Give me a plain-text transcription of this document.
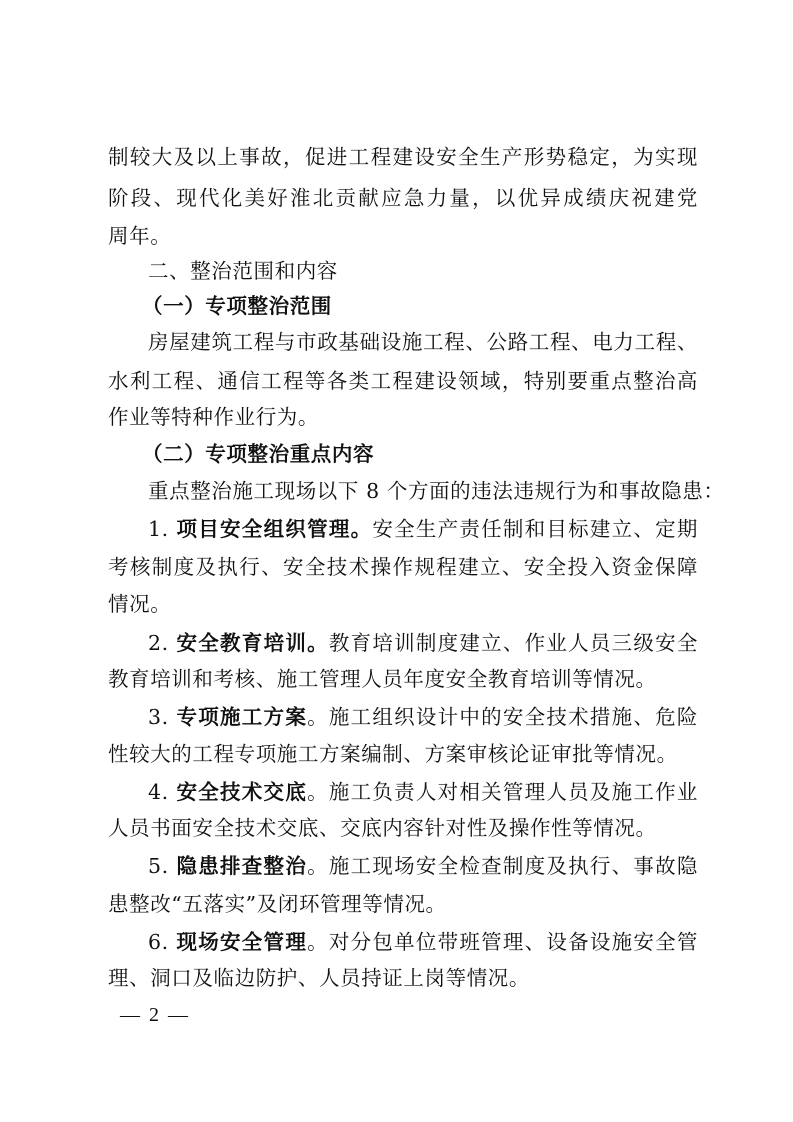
制较大及以上事故，促进工程建设安全生产形势稳定，为实现
阶段、现代化美好淮北贡献应急力量，以优异成绩庆祝建党
周年。
二、整治范围和内容
（一）专项整治范围
房屋建筑工程与市政基础设施工程、公路工程、电力工程、
水利工程、通信工程等各类工程建设领域，特别要重点整治高
作业等特种作业行为。
（二）专项整治重点内容
重点整治施工现场以下 8 个方面的违法违规行为和事故隐患：
1. 项目安全组织管理。安全生产责任制和目标建立、定期
考核制度及执行、安全技术操作规程建立、安全投入资金保障
情况。
2. 安全教育培训。教育培训制度建立、作业人员三级安全
教育培训和考核、施工管理人员年度安全教育培训等情况。
3. 专项施工方案。施工组织设计中的安全技术措施、危险
性较大的工程专项施工方案编制、方案审核论证审批等情况。
4. 安全技术交底。施工负责人对相关管理人员及施工作业
人员书面安全技术交底、交底内容针对性及操作性等情况。
5. 隐患排查整治。施工现场安全检查制度及执行、事故隐
患整改“五落实”及闭环管理等情况。
6. 现场安全管理。对分包单位带班管理、设备设施安全管
理、洞口及临边防护、人员持证上岗等情况。
— 2 —
